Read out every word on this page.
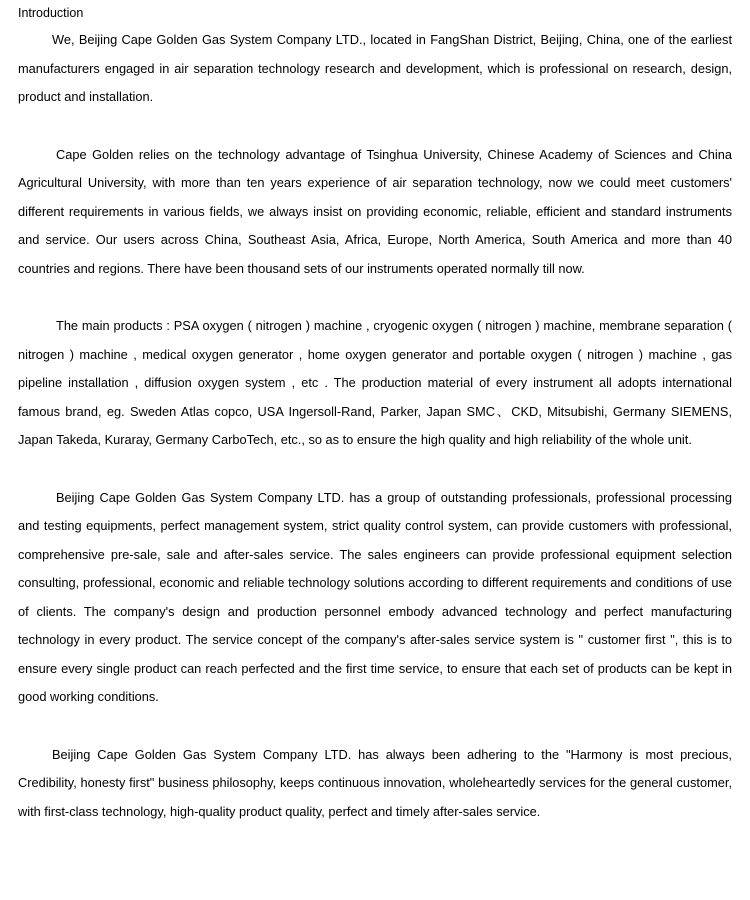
Introduction

We, Beijing Cape Golden Gas System Company LTD., located in FangShan District, Beijing, China, one of the earliest manufacturers engaged in air separation technology research and development, which is professional on research, design, product and installation.

Cape Golden relies on the technology advantage of Tsinghua University, Chinese Academy of Sciences and China Agricultural University, with more than ten years experience of air separation technology, now we could meet customers' different requirements in various fields, we always insist on providing economic, reliable, efficient and standard instruments and service. Our users across China, Southeast Asia, Africa, Europe, North America, South America and more than 40 countries and regions. There have been thousand sets of our instruments operated normally till now.

The main products : PSA oxygen ( nitrogen ) machine , cryogenic oxygen ( nitrogen ) machine, membrane separation ( nitrogen ) machine , medical oxygen generator , home oxygen generator and portable oxygen ( nitrogen ) machine , gas pipeline installation , diffusion oxygen system , etc . The production material of every instrument all adopts international famous brand, eg. Sweden Atlas copco, USA Ingersoll-Rand, Parker, Japan SMC、CKD, Mitsubishi, Germany SIEMENS, Japan Takeda, Kuraray, Germany CarboTech, etc., so as to ensure the high quality and high reliability of the whole unit.

Beijing Cape Golden Gas System Company LTD. has a group of outstanding professionals, professional processing and testing equipments, perfect management system, strict quality control system, can provide customers with professional, comprehensive pre-sale, sale and after-sales service. The sales engineers can provide professional equipment selection consulting, professional, economic and reliable technology solutions according to different requirements and conditions of use of clients. The company's design and production personnel embody advanced technology and perfect manufacturing technology in every product. The service concept of the company's after-sales service system is " customer first ", this is to ensure every single product can reach perfected and the first time service, to ensure that each set of products can be kept in good working conditions.

Beijing Cape Golden Gas System Company LTD. has always been adhering to the "Harmony is most precious, Credibility, honesty first" business philosophy, keeps continuous innovation, wholeheartedly services for the general customer, with first-class technology, high-quality product quality, perfect and timely after-sales service.
